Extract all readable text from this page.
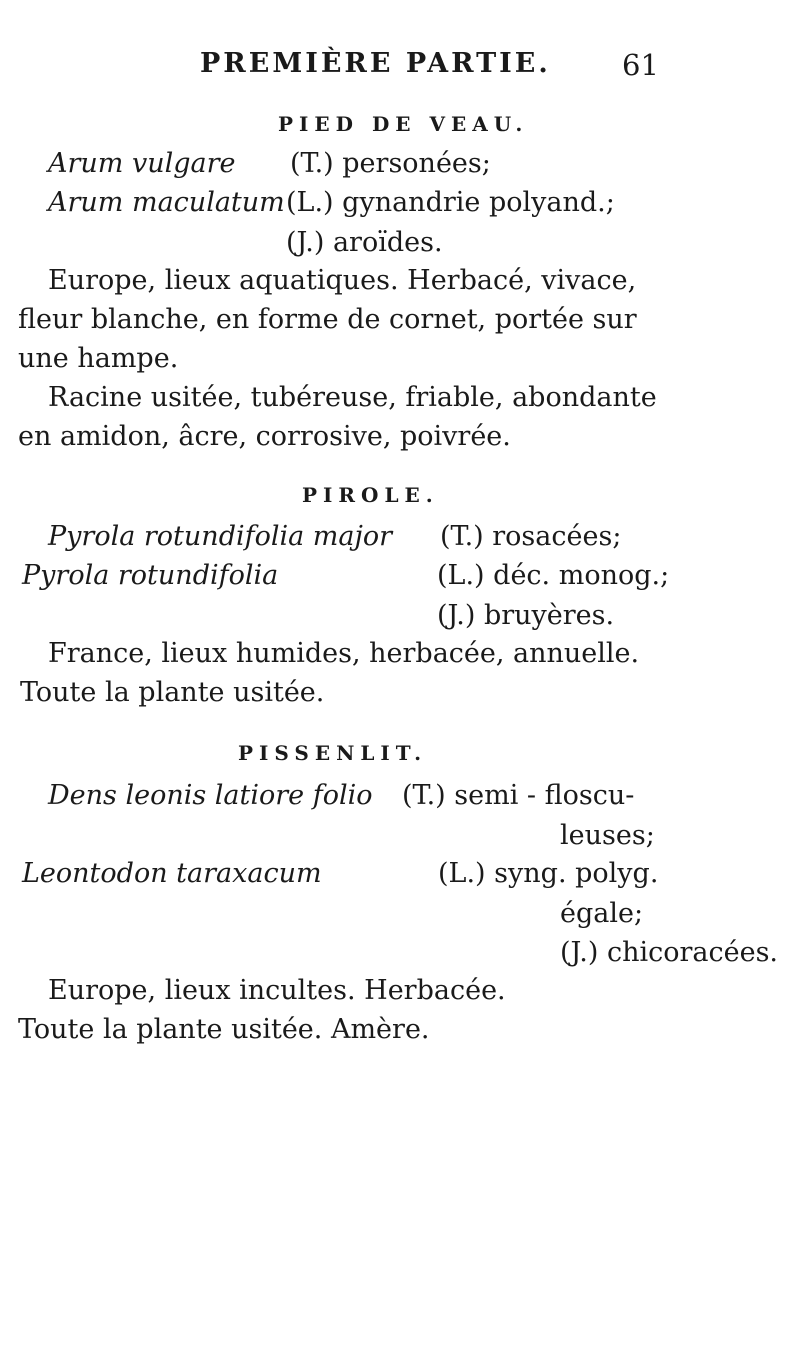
PREMIÈRE PARTIE. 61
PIED DE VEAU.
Arum vulgare (T.) personées;
Arum maculatum (L.) gynandrie polyand.;
(J.) aroïdes.
Europe, lieux aquatiques. Herbacé, vivace,
fleur blanche, en forme de cornet, portée sur
une hampe.
Racine usitée, tubéreuse, friable, abondante
en amidon, âcre, corrosive, poivrée.
PIROLE.
Pyrola rotundifolia major (T.) rosacées;
Pyrola rotundifolia	(L.) déc. monog.;
(J.) bruyères.
France, lieux humides, herbacée, annuelle.
Toute la plante usitée.
PISSENLIT.
Dens leonis latiore folio (T.) semi - floscu-
leuses;
Leontodon taraxacum	(L.) syng. polyg.
égale;
(J.) chicoracées.
Europe, lieux incultes. Herbacée.
Toute la plante usitée. Amère.
